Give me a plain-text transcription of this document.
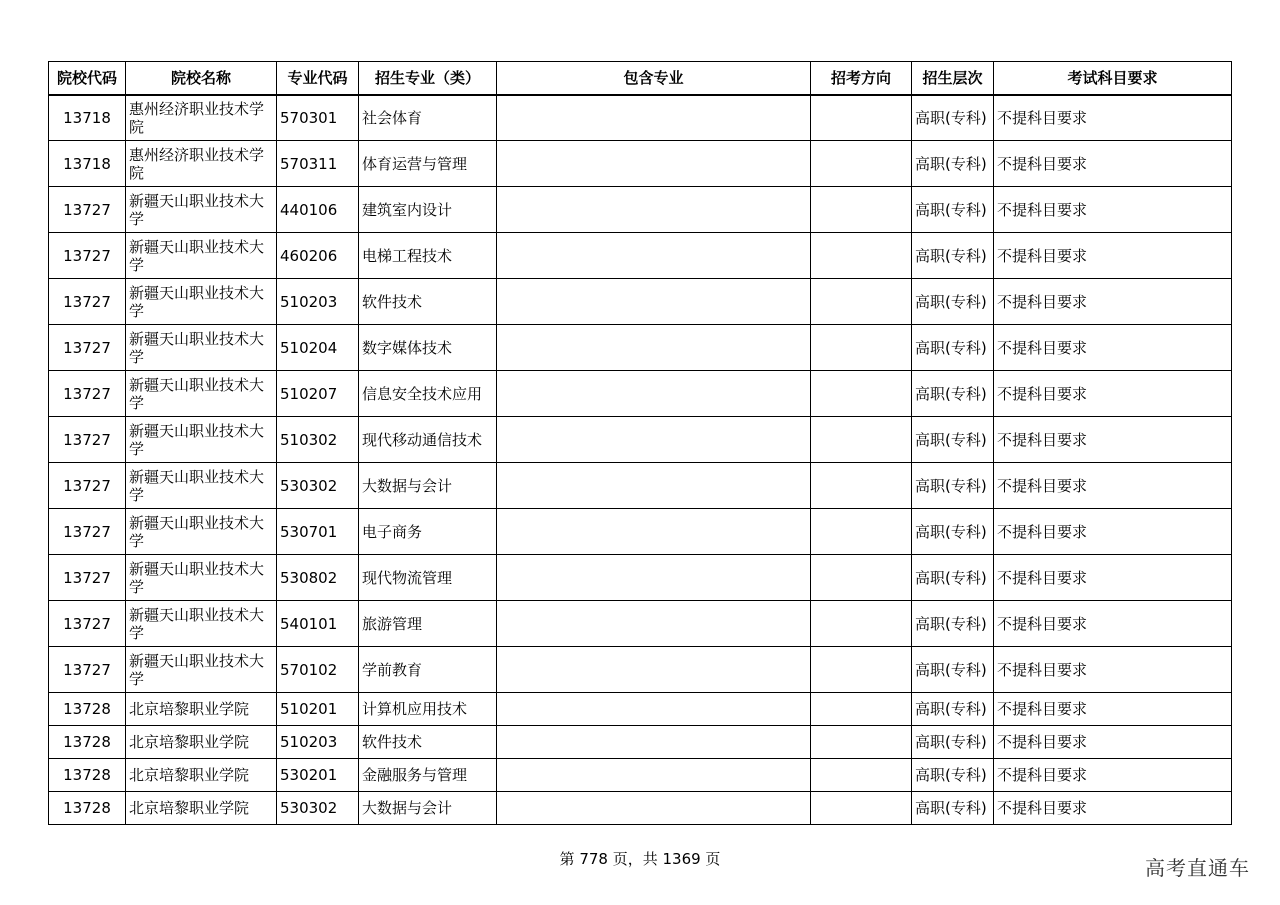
院校代码	院校名称	专业代码	招生专业（类）	包含专业	招考方向	招生层次	考试科目要求
13718	惠州经济职业技术学院	570301	社会体育			高职(专科)	不提科目要求
13718	惠州经济职业技术学院	570311	体育运营与管理			高职(专科)	不提科目要求
13727	新疆天山职业技术大学	440106	建筑室内设计			高职(专科)	不提科目要求
13727	新疆天山职业技术大学	460206	电梯工程技术			高职(专科)	不提科目要求
13727	新疆天山职业技术大学	510203	软件技术			高职(专科)	不提科目要求
13727	新疆天山职业技术大学	510204	数字媒体技术			高职(专科)	不提科目要求
13727	新疆天山职业技术大学	510207	信息安全技术应用			高职(专科)	不提科目要求
13727	新疆天山职业技术大学	510302	现代移动通信技术			高职(专科)	不提科目要求
13727	新疆天山职业技术大学	530302	大数据与会计			高职(专科)	不提科目要求
13727	新疆天山职业技术大学	530701	电子商务			高职(专科)	不提科目要求
13727	新疆天山职业技术大学	530802	现代物流管理			高职(专科)	不提科目要求
13727	新疆天山职业技术大学	540101	旅游管理			高职(专科)	不提科目要求
13727	新疆天山职业技术大学	570102	学前教育			高职(专科)	不提科目要求
13728	北京培黎职业学院	510201	计算机应用技术			高职(专科)	不提科目要求
13728	北京培黎职业学院	510203	软件技术			高职(专科)	不提科目要求
13728	北京培黎职业学院	530201	金融服务与管理			高职(专科)	不提科目要求
13728	北京培黎职业学院	530302	大数据与会计			高职(专科)	不提科目要求
第 778 页，共 1369 页	高考直通车
